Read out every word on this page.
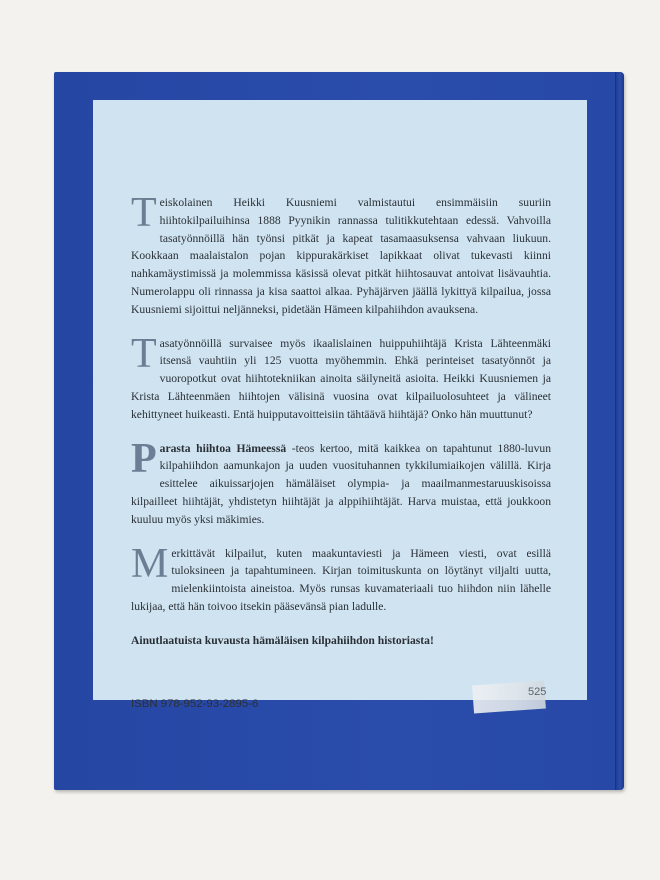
Teiskolainen Heikki Kuusniemi valmistautui ensimmäisiin suuriin hiihtokilpailuihinsa 1888 Pyynikin rannassa tulitikkutehtaan edessä. Vahvoilla tasatyönnöillä hän työnsi pitkät ja kapeat tasamaasuksensa vahvaan liukuun. Kookkaan maalaistalon pojan kippurakärkiset lapikkaat olivat tukevasti kiinni nahkamäystimissä ja molemmissa käsissä olevat pitkät hiihtosauvat antoivat lisävauhtia. Numerolappu oli rinnassa ja kisa saattoi alkaa. Pyhäjärven jäällä lykittyä kilpailua, jossa Kuusniemi sijoittui neljänneksi, pidetään Hämeen kilpahiihdon avauksena.

Tasatyönnöillä survaisee myös ikaalislainen huippuhiihtäjä Krista Lähteenmäki itsensä vauhtiin yli 125 vuotta myöhemmin. Ehkä perinteiset tasatyönnöt ja vuoropotkut ovat hiihtotekniikan ainoita säilyneitä asioita. Heikki Kuusniemen ja Krista Lähteenmäen hiihtojen välisinä vuosina ovat kilpailuolosuhteet ja välineet kehittyneet huikeasti. Entä huipputavoitteisiin tähtäävä hiihtäjä? Onko hän muuttunut?

Parasta hiihtoa Hämeessä -teos kertoo, mitä kaikkea on tapahtunut 1880-luvun kilpahiihdon aamunkajon ja uuden vuosituhannen tykkilumiaikojen välillä. Kirja esittelee aikuissarjojen hämäläiset olympia- ja maailmanmestaruuskisoissa kilpailleet hiihtäjät, yhdistetyn hiihtäjät ja alppihiihtäjät. Harva muistaa, että joukkoon kuuluu myös yksi mäkimies.

Merkittävät kilpailut, kuten maakuntaviesti ja Hämeen viesti, ovat esillä tuloksineen ja tapahtumineen. Kirjan toimituskunta on löytänyt viljalti uutta, mielenkiintoista aineistoa. Myös runsas kuvamateriaali tuo hiihdon niin lähelle lukijaa, että hän toivoo itsekin pääsevänsä pian ladulle.

Ainutlaatuista kuvausta hämäläisen kilpahiihdon historiasta!

ISBN 978-952-93-2895-6

525
